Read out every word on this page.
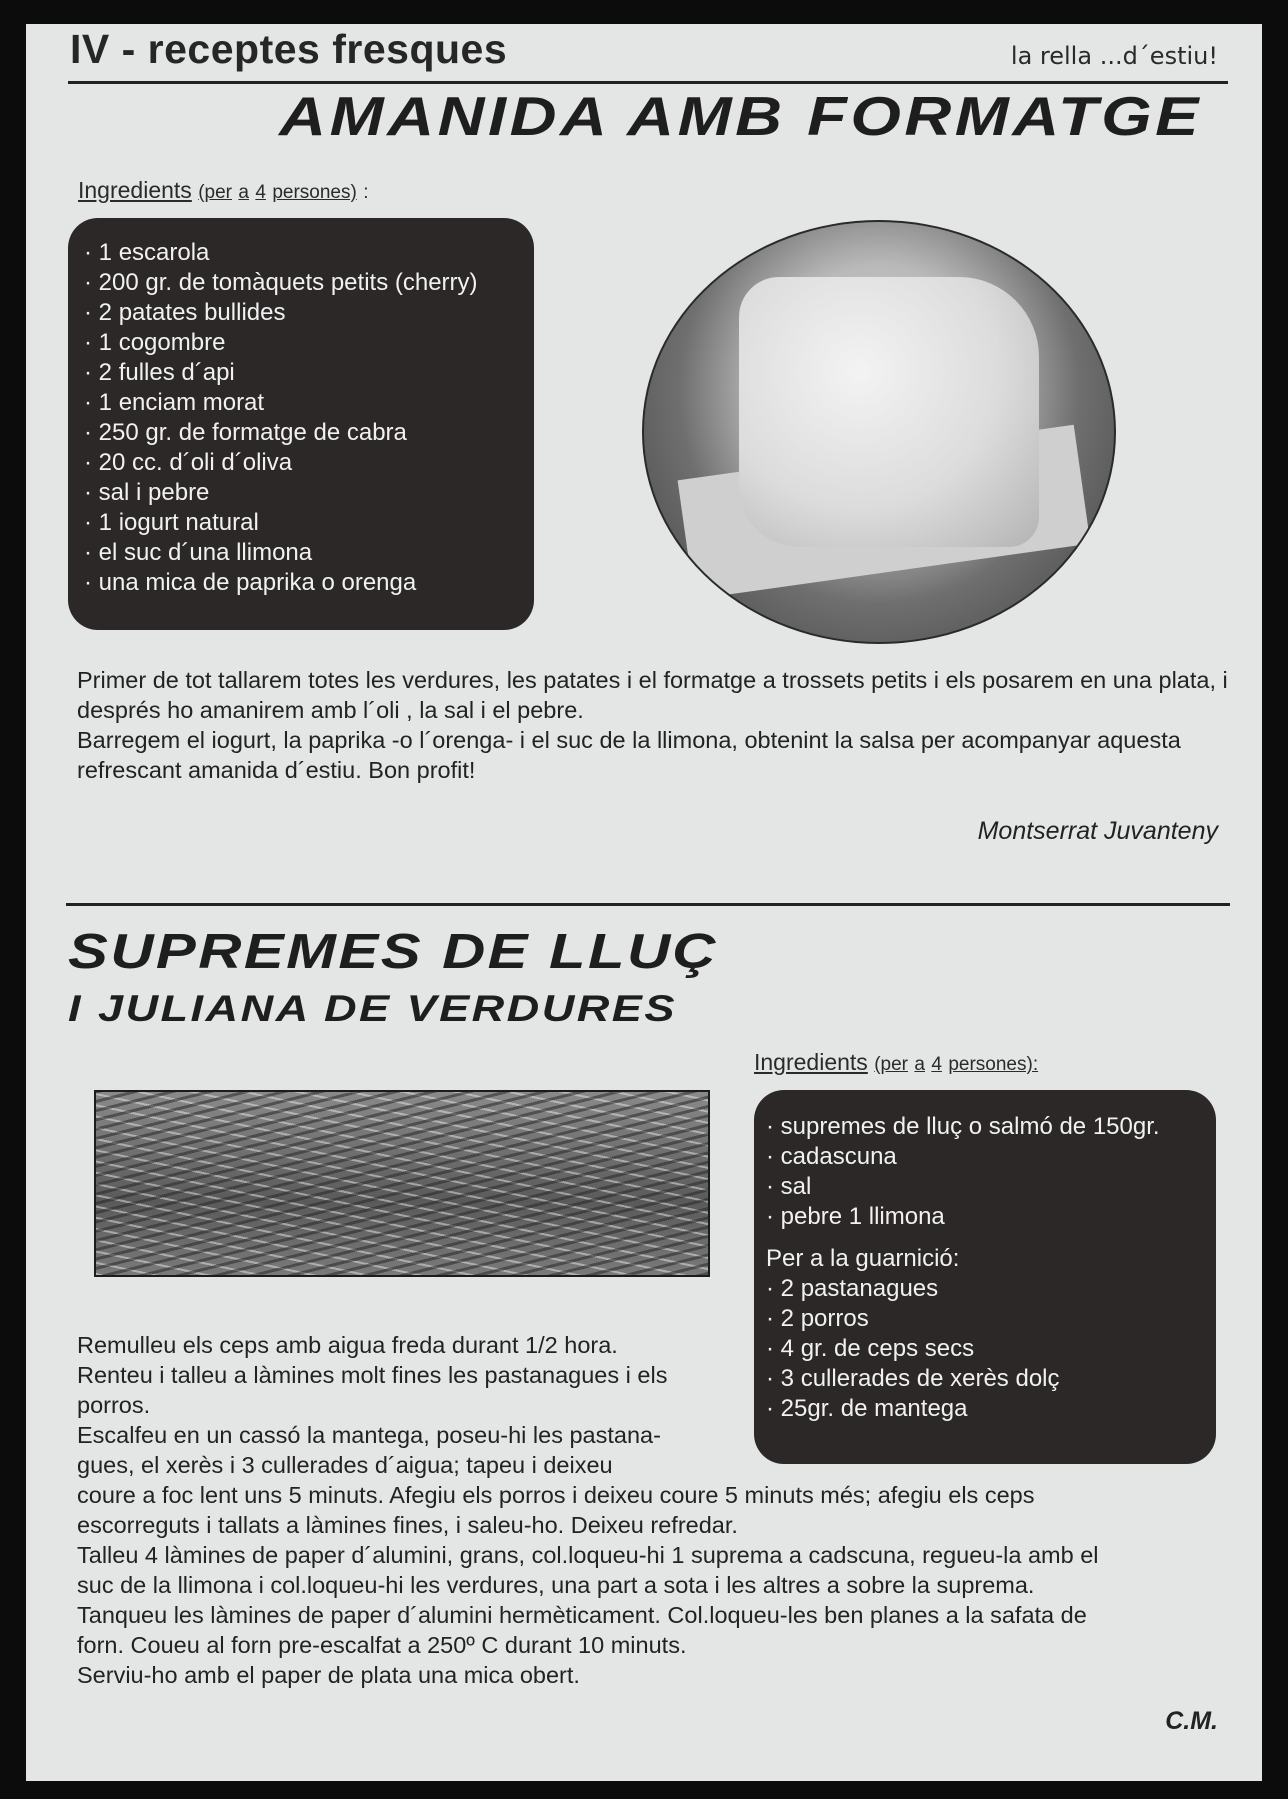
IV - receptes fresques	la rella ...d´estiu!
AMANIDA AMB FORMATGE
Ingredients (per a 4 persones) :
· 1 escarola
· 200 gr. de tomàquets petits (cherry)
· 2 patates bullides
· 1 cogombre
· 2 fulles d´api
· 1 enciam morat
· 250 gr. de formatge de cabra
· 20 cc. d´oli d´oliva
· sal i pebre
· 1 iogurt natural
· el suc d´una llimona
· una mica de paprika o orenga

Primer de tot tallarem totes les verdures, les patates i el formatge a trossets petits i els posarem en una plata, i després ho amanirem amb l´oli , la sal i el pebre.

Barregem el iogurt, la paprika -o l´orenga- i el suc de la llimona, obtenint la salsa per acompanyar aquesta refrescant amanida d´estiu. Bon profit!

Montserrat Juvanteny
SUPREMES DE LLUÇ
I JULIANA DE VERDURES
Ingredients (per a 4 persones):
· supremes de lluç o salmó de 150gr.
· cadascuna
· sal
· pebre 1 llimona
Per a la guarnició:
· 2 pastanagues
· 2 porros
· 4 gr. de ceps secs
· 3 cullerades de xerès dolç
· 25gr. de mantega

Remulleu els ceps amb aigua freda durant 1/2 hora.

Renteu i talleu a làmines molt fines les pastanagues i els

porros.

Escalfeu en un cassó la mantega, poseu-hi les pastana-

gues, el xerès i 3 cullerades d´aigua; tapeu i deixeu

coure a foc lent uns 5 minuts. Afegiu els porros i deixeu coure 5 minuts més; afegiu els ceps

escorreguts i tallats a làmines fines, i saleu-ho. Deixeu refredar.

Talleu 4 làmines de paper d´alumini, grans, col.loqueu-hi 1 suprema a cadscuna, regueu-la amb el

suc de la llimona i col.loqueu-hi les verdures, una part a sota i les altres a sobre la suprema.

Tanqueu les làmines de paper d´alumini hermèticament. Col.loqueu-les ben planes a la safata de

forn. Coueu al forn pre-escalfat a 250º C durant 10 minuts.

Serviu-ho amb el paper de plata una mica obert.

C.M.
